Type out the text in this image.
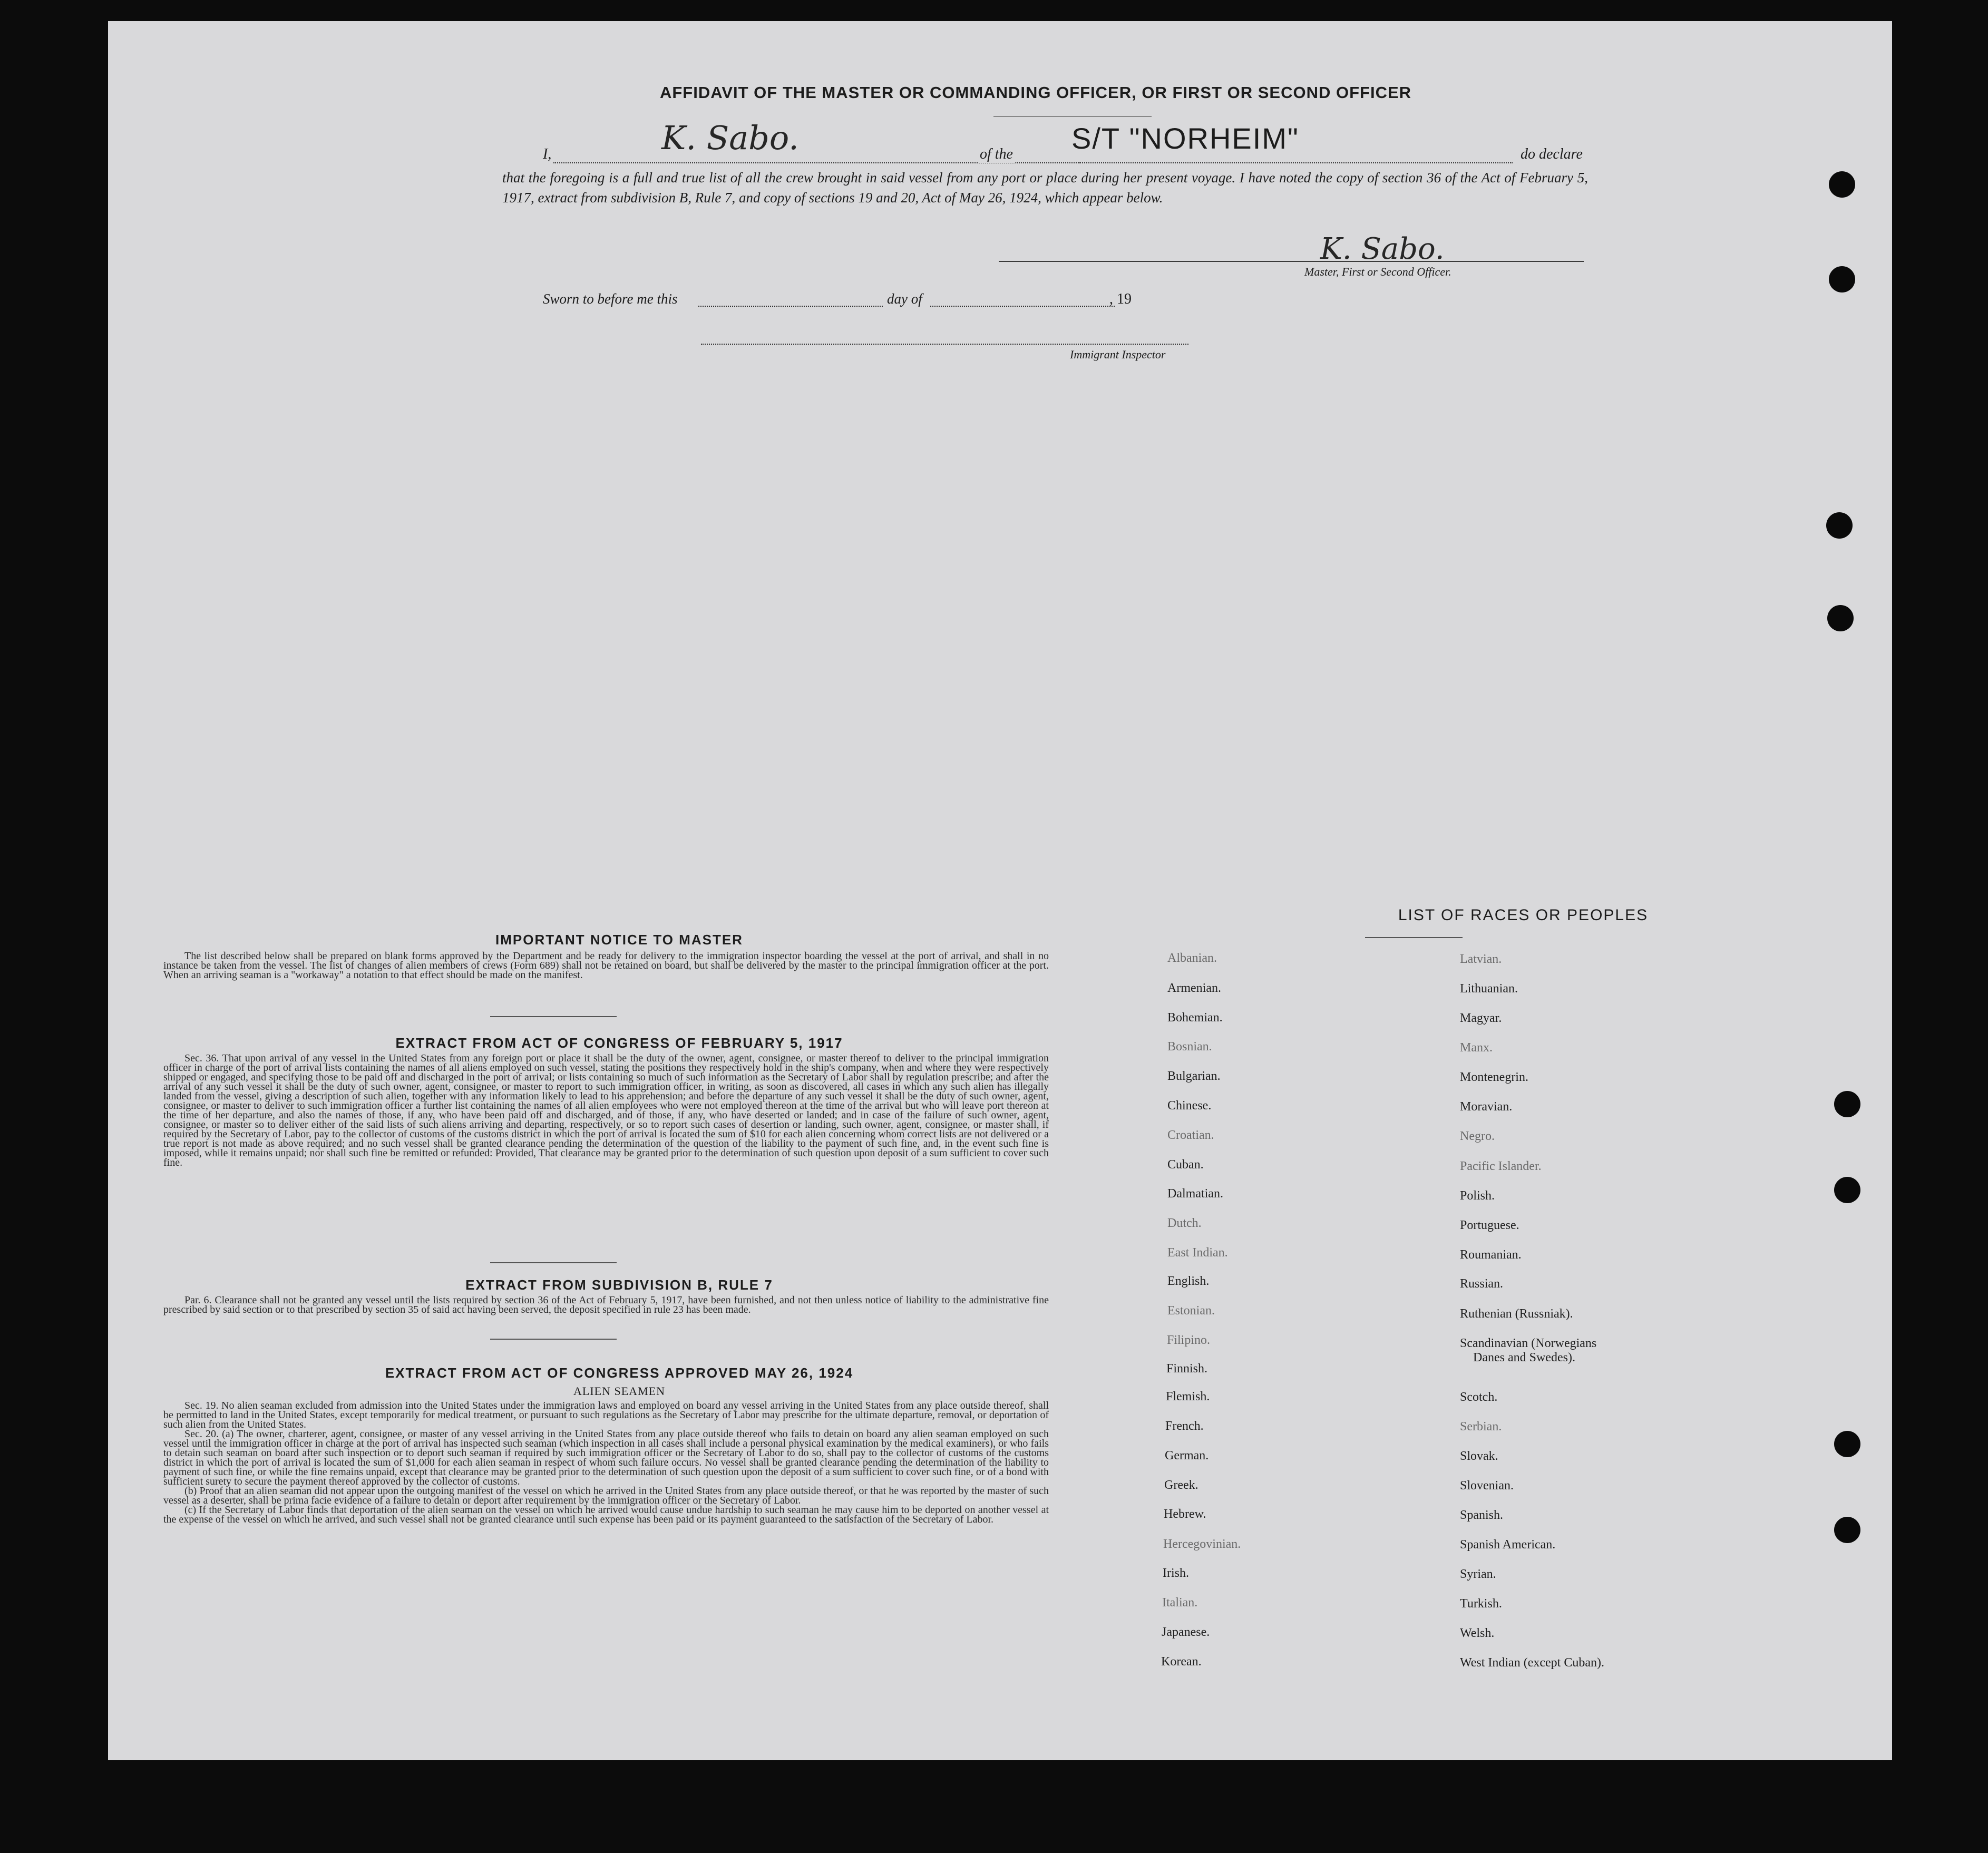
AFFIDAVIT OF THE MASTER OR COMMANDING OFFICER, OR FIRST OR SECOND OFFICER
I,	K. Sabo.	of the S/T "NORHEIM"	do declare
that the foregoing is a full and true list of all the crew brought in said vessel from any port or place during her present voyage. I have noted the copy of section 36 of the Act of February 5, 1917, extract from subdivision B, Rule 7, and copy of sections 19 and 20, Act of May 26, 1924, which appear below.
K. Sabo.
Master, First or Second Officer.
Sworn to before me this	day of	, 19
Immigrant Inspector
IMPORTANT NOTICE TO MASTER

The list described below shall be prepared on blank forms approved by the Department and be ready for delivery to the immigration inspector boarding the vessel at the port of arrival, and shall in no instance be taken from the vessel. The list of changes of alien members of crews (Form 689) shall not be retained on board, but shall be delivered by the master to the principal immigration officer at the port. When an arriving seaman is a "workaway" a notation to that effect should be made on the manifest.

EXTRACT FROM ACT OF CONGRESS OF FEBRUARY 5, 1917

Sec. 36. That upon arrival of any vessel in the United States from any foreign port or place it shall be the duty of the owner, agent, consignee, or master thereof to deliver to the principal immigration officer in charge of the port of arrival lists containing the names of all aliens employed on such vessel, stating the positions they respectively hold in the ship's company, when and where they were respectively shipped or engaged, and specifying those to be paid off and discharged in the port of arrival; or lists containing so much of such information as the Secretary of Labor shall by regulation prescribe; and after the arrival of any such vessel it shall be the duty of such owner, agent, consignee, or master to report to such immigration officer, in writing, as soon as discovered, all cases in which any such alien has illegally landed from the vessel, giving a description of such alien, together with any information likely to lead to his apprehension; and before the departure of any such vessel it shall be the duty of such owner, agent, consignee, or master to deliver to such immigration officer a further list containing the names of all alien employees who were not employed thereon at the time of the arrival but who will leave port thereon at the time of her departure, and also the names of those, if any, who have been paid off and discharged, and of those, if any, who have deserted or landed; and in case of the failure of such owner, agent, consignee, or master so to deliver either of the said lists of such aliens arriving and departing, respectively, or so to report such cases of desertion or landing, such owner, agent, consignee, or master shall, if required by the Secretary of Labor, pay to the collector of customs of the customs district in which the port of arrival is located the sum of $10 for each alien concerning whom correct lists are not delivered or a true report is not made as above required; and no such vessel shall be granted clearance pending the determination of the question of the liability to the payment of such fine, and, in the event such fine is imposed, while it remains unpaid; nor shall such fine be remitted or refunded: Provided, That clearance may be granted prior to the determination of such question upon deposit of a sum sufficient to cover such fine.

EXTRACT FROM SUBDIVISION B, RULE 7

Par. 6. Clearance shall not be granted any vessel until the lists required by section 36 of the Act of February 5, 1917, have been furnished, and not then unless notice of liability to the administrative fine prescribed by said section or to that prescribed by section 35 of said act having been served, the deposit specified in rule 23 has been made.

EXTRACT FROM ACT OF CONGRESS APPROVED MAY 26, 1924
ALIEN SEAMEN

Sec. 19. No alien seaman excluded from admission into the United States under the immigration laws and employed on board any vessel arriving in the United States from any place outside thereof, shall be permitted to land in the United States, except temporarily for medical treatment, or pursuant to such regulations as the Secretary of Labor may prescribe for the ultimate departure, removal, or deportation of such alien from the United States.

Sec. 20. (a) The owner, charterer, agent, consignee, or master of any vessel arriving in the United States from any place outside thereof who fails to detain on board any alien seaman employed on such vessel until the immigration officer in charge at the port of arrival has inspected such seaman (which inspection in all cases shall include a personal physical examination by the medical examiners), or who fails to detain such seaman on board after such inspection or to deport such seaman if required by such immigration officer or the Secretary of Labor to do so, shall pay to the collector of customs of the customs district in which the port of arrival is located the sum of $1,000 for each alien seaman in respect of whom such failure occurs. No vessel shall be granted clearance pending the determination of the liability to payment of such fine, or while the fine remains unpaid, except that clearance may be granted prior to the determination of such question upon the deposit of a sum sufficient to cover such fine, or of a bond with sufficient surety to secure the payment thereof approved by the collector of customs.

(b) Proof that an alien seaman did not appear upon the outgoing manifest of the vessel on which he arrived in the United States from any place outside thereof, or that he was reported by the master of such vessel as a deserter, shall be prima facie evidence of a failure to detain or deport after requirement by the immigration officer or the Secretary of Labor.

(c) If the Secretary of Labor finds that deportation of the alien seaman on the vessel on which he arrived would cause undue hardship to such seaman he may cause him to be deported on another vessel at the expense of the vessel on which he arrived, and such vessel shall not be granted clearance until such expense has been paid or its payment guaranteed to the satisfaction of the Secretary of Labor.

LIST OF RACES OR PEOPLES
Albanian.
Armenian.
Bohemian.
Bosnian.
Bulgarian.
Chinese.
Croatian.
Cuban.
Dalmatian.
Dutch.
East Indian.
English.
Estonian.
Filipino.
Finnish.
Flemish.
French.
German.
Greek.
Hebrew.
Hercegovinian.
Irish.
Italian.
Japanese.
Korean.
Latvian.
Lithuanian.
Magyar.
Manx.
Montenegrin.
Moravian.
Negro.
Pacific Islander.
Polish.
Portuguese.
Roumanian.
Russian.
Ruthenian (Russniak).
Scandinavian (Norwegians
Danes and Swedes).
Scotch.
Serbian.
Slovak.
Slovenian.
Spanish.
Spanish American.
Syrian.
Turkish.
Welsh.
West Indian (except Cuban).
